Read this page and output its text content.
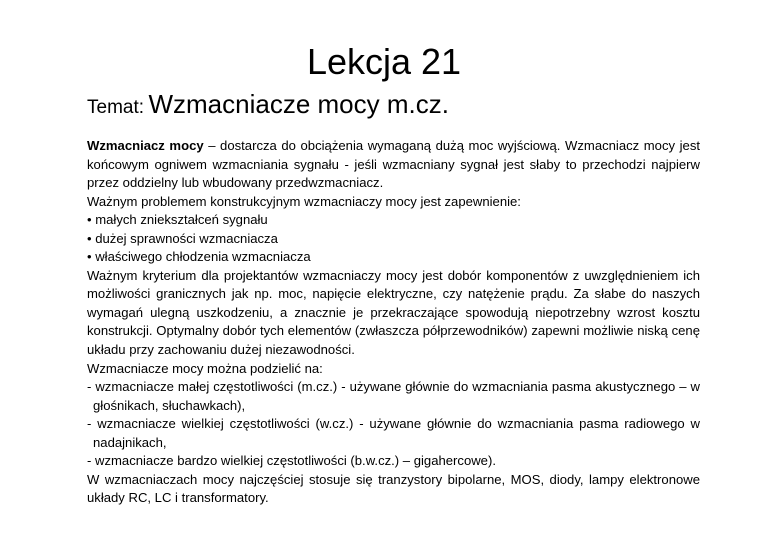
Lekcja 21

Temat: Wzmacniacze mocy m.cz.

Wzmacniacz mocy – dostarcza do obciążenia wymaganą dużą moc wyjściową. Wzmacniacz mocy jest końcowym ogniwem wzmacniania sygnału - jeśli wzmacniany sygnał jest słaby to przechodzi najpierw przez oddzielny lub wbudowany przedwzmacniacz.

Ważnym problemem konstrukcyjnym wzmacniaczy mocy jest zapewnienie:

• małych zniekształceń sygnału

• dużej sprawności wzmacniacza

• właściwego chłodzenia wzmacniacza

Ważnym kryterium dla projektantów wzmacniaczy mocy jest dobór komponentów z uwzględnieniem ich możliwości granicznych jak np. moc, napięcie elektryczne, czy natężenie prądu. Za słabe do naszych wymagań ulegną uszkodzeniu, a znacznie je przekraczające spowodują niepotrzebny wzrost kosztu konstrukcji. Optymalny dobór tych elementów (zwłaszcza półprzewodników) zapewni możliwie niską cenę układu przy zachowaniu dużej niezawodności.

Wzmacniacze mocy można podzielić na:

- wzmacniacze małej częstotliwości (m.cz.) - używane głównie do wzmacniania pasma akustycznego – w głośnikach, słuchawkach),

- wzmacniacze wielkiej częstotliwości (w.cz.) - używane głównie do wzmacniania pasma radiowego w nadajnikach,

- wzmacniacze bardzo wielkiej częstotliwości (b.w.cz.) – gigahercowe).

W wzmacniaczach mocy najczęściej stosuje się tranzystory bipolarne, MOS, diody, lampy elektronowe układy RC, LC i transformatory.
